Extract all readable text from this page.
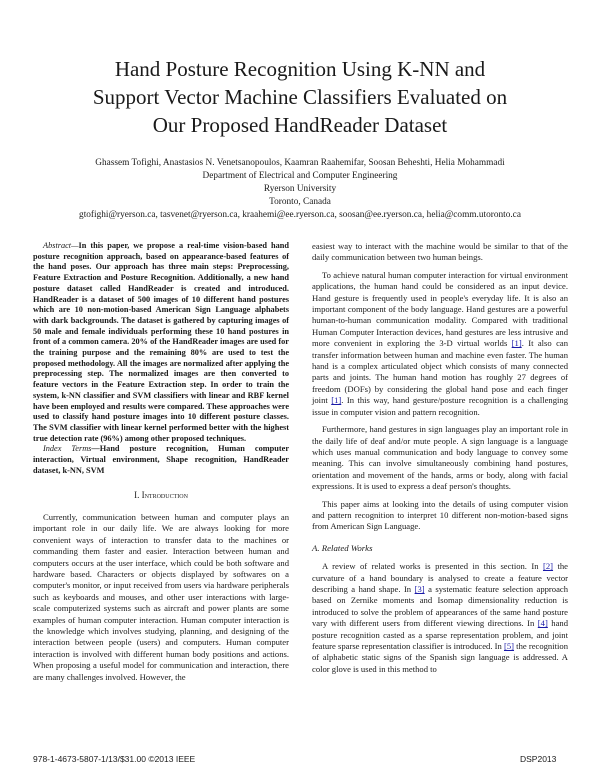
Hand Posture Recognition Using K-NN and
Support Vector Machine Classifiers Evaluated on
Our Proposed HandReader Dataset
Ghassem Tofighi, Anastasios N. Venetsanopoulos, Kaamran Raahemifar, Soosan Beheshti, Helia Mohammadi
Department of Electrical and Computer Engineering
Ryerson University
Toronto, Canada
gtofighi@ryerson.ca, tasvenet@ryerson.ca, kraahemi@ee.ryerson.ca, soosan@ee.ryerson.ca, helia@comm.utoronto.ca

Abstract—In this paper, we propose a real-time vision-based hand posture recognition approach, based on appearance-based features of the hand poses. Our approach has three main steps: Preprocessing, Feature Extraction and Posture Recognition. Additionally, a new hand posture dataset called HandReader is created and introduced. HandReader is a dataset of 500 images of 10 different hand postures which are 10 non-motion-based American Sign Language alphabets with dark backgrounds. The dataset is gathered by capturing images of 50 male and female individuals performing these 10 hand postures in front of a common camera. 20% of the HandReader images are used for the training purpose and the remaining 80% are used to test the proposed methodology. All the images are normalized after applying the preprocessing step. The normalized images are then converted to feature vectors in the Feature Extraction step. In order to train the system, k-NN classifier and SVM classifiers with linear and RBF kernel have been employed and results were compared. These approaches were used to classify hand posture images into 10 different posture classes. The SVM classifier with linear kernel performed better with the highest true detection rate (96%) among other proposed techniques.

Index Terms—Hand posture recognition, Human computer interaction, Virtual environment, Shape recognition, HandReader dataset, k-NN, SVM

I. Introduction

Currently, communication between human and computer plays an important role in our daily life. We are always looking for more convenient ways of interaction to transfer data to the machines or commanding them faster and easier. Interaction between human and computers occurs at the user interface, which could be both software and hardware based. Characters or objects displayed by softwares on a computer's monitor, or input received from users via hardware peripherals such as keyboards and mouses, and other user interactions with large-scale computerized systems such as aircraft and power plants are some examples of human computer interaction. Human computer interaction is the knowledge which involves studying, planning, and designing of the interaction between people (users) and computers. Human computer interaction is involved with different human body positions and actions. When proposing a useful model for communication and interaction, there are many challenges involved. However, the

easiest way to interact with the machine would be similar to that of the daily communication between two human beings.

To achieve natural human computer interaction for virtual environment applications, the human hand could be considered as an input device. Hand gesture is frequently used in people's everyday life. It is also an important component of the body language. Hand gestures are a powerful human-to-human communication modality. Compared with traditional Human Computer Interaction devices, hand gestures are less intrusive and more convenient in exploring the 3-D virtual worlds [1]. It also can transfer information between human and machine even faster. The human hand is a complex articulated object which consists of many connected parts and joints. The human hand motion has roughly 27 degrees of freedom (DOFs) by considering the global hand pose and each finger joint [1]. In this way, hand gesture/posture recognition is a challenging issue in computer vision and pattern recognition.

Furthermore, hand gestures in sign languages play an important role in the daily life of deaf and/or mute people. A sign language is a language which uses manual communication and body language to convey some meaning. This can involve simultaneously combining hand postures, orientation and movement of the hands, arms or body, along with facial expressions. It is used to express a deaf person's thoughts.

This paper aims at looking into the details of using computer vision and pattern recognition to interpret 10 different non-motion-based signs from American Sign Language.

A. Related Works

A review of related works is presented in this section. In [2] the curvature of a hand boundary is analysed to create a feature vector describing a hand shape. In [3] a systematic feature selection approach based on Zernike moments and Isomap dimensionality reduction is introduced to solve the problem of appearances of the same hand posture vary with different users from different viewing directions. In [4] hand posture recognition casted as a sparse representation problem, and joint feature sparse representation classifier is introduced. In [5] the recognition of alphabetic static signs of the Spanish sign language is addressed. A color glove is used in this method to

978-1-4673-5807-1/13/$31.00 ©2013 IEEE	DSP2013
